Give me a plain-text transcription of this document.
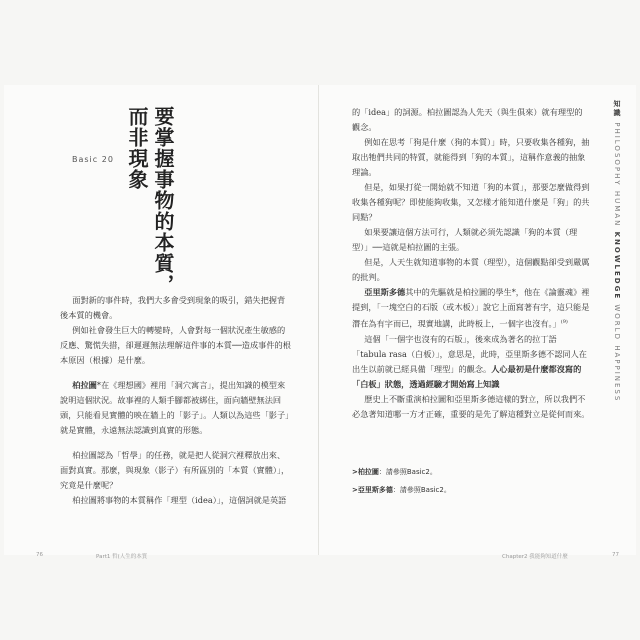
Basic 20 要掌握事物的本質，
而非現象

面對新的事件時，我們大多會受到現象的吸引，錯失把握背後本質的機會。

例如社會發生巨大的轉變時，人會對每一個狀況產生敏感的反應、驚慌失措，卻遲遲無法理解這件事的本質──造成事件的根本原因（根據）是什麼。

柏拉圖*在《理想國》裡用「洞穴寓言」，提出知識的模型來說明這個狀況。故事裡的人類手腳都被綁住，面向牆壁無法回頭，只能看見實體的映在牆上的「影子」。人類以為這些「影子」就是實體，永遠無法認識到真實的形態。

柏拉圖認為「哲學」的任務，就是把人從洞穴裡釋放出來、面對真實。那麼，與現象（影子）有所區別的「本質（實體）」，究竟是什麼呢？

柏拉圖將事物的本質稱作「理型（idea）」，這個詞就是英語

76	Part1 哲(人生的本質

的「idea」的詞源。柏拉圖認為人先天（與生俱來）就有理型的觀念。

例如在思考「狗是什麼（狗的本質）」時，只要收集各種狗，抽取出牠們共同的特質，就能得到「狗的本質」，這稱作意義的抽象理論。

但是，如果打從一開始就不知道「狗的本質」，那要怎麼做得到收集各種狗呢？即使能夠收集，又怎樣才能知道什麼是「狗」的共同點？

如果要讓這個方法可行，人類就必須先認識「狗的本質（理型）」──這就是柏拉圖的主張。

但是，人天生就知道事物的本質（理型），這個觀點卻受到嚴厲的批判。

亞里斯多德其中的先驅就是柏拉圖的學生*，他在《論靈魂》裡提到，「一塊空白的石版（或木板）」說它上面寫著有字，這只能是潛在為有字而已，現實地講，此時板上，一個字也沒有。」$^{(9)}$

這個「一個字也沒有的石版」，後來成為著名的拉丁語「tabula rasa（白板）」，意思是，此時，亞里斯多德不認同人在出生以前就已經具備「理型」的觀念。人心最初是什麼都沒寫的「白板」狀態，透過經驗才開始寫上知識

歷史上不斷重演柏拉圖和亞里斯多德這樣的對立，所以我們不必急著知道哪一方才正確，重要的是先了解這種對立是從何而來。

>柏拉圖：請參照Basic2。
>亞里斯多德：請參照Basic2。
Chapter2 我能夠知道什麼	77
知識 PHILOSOPHY HUMAN KNOWLEDGE WORLD HAPPINESS
